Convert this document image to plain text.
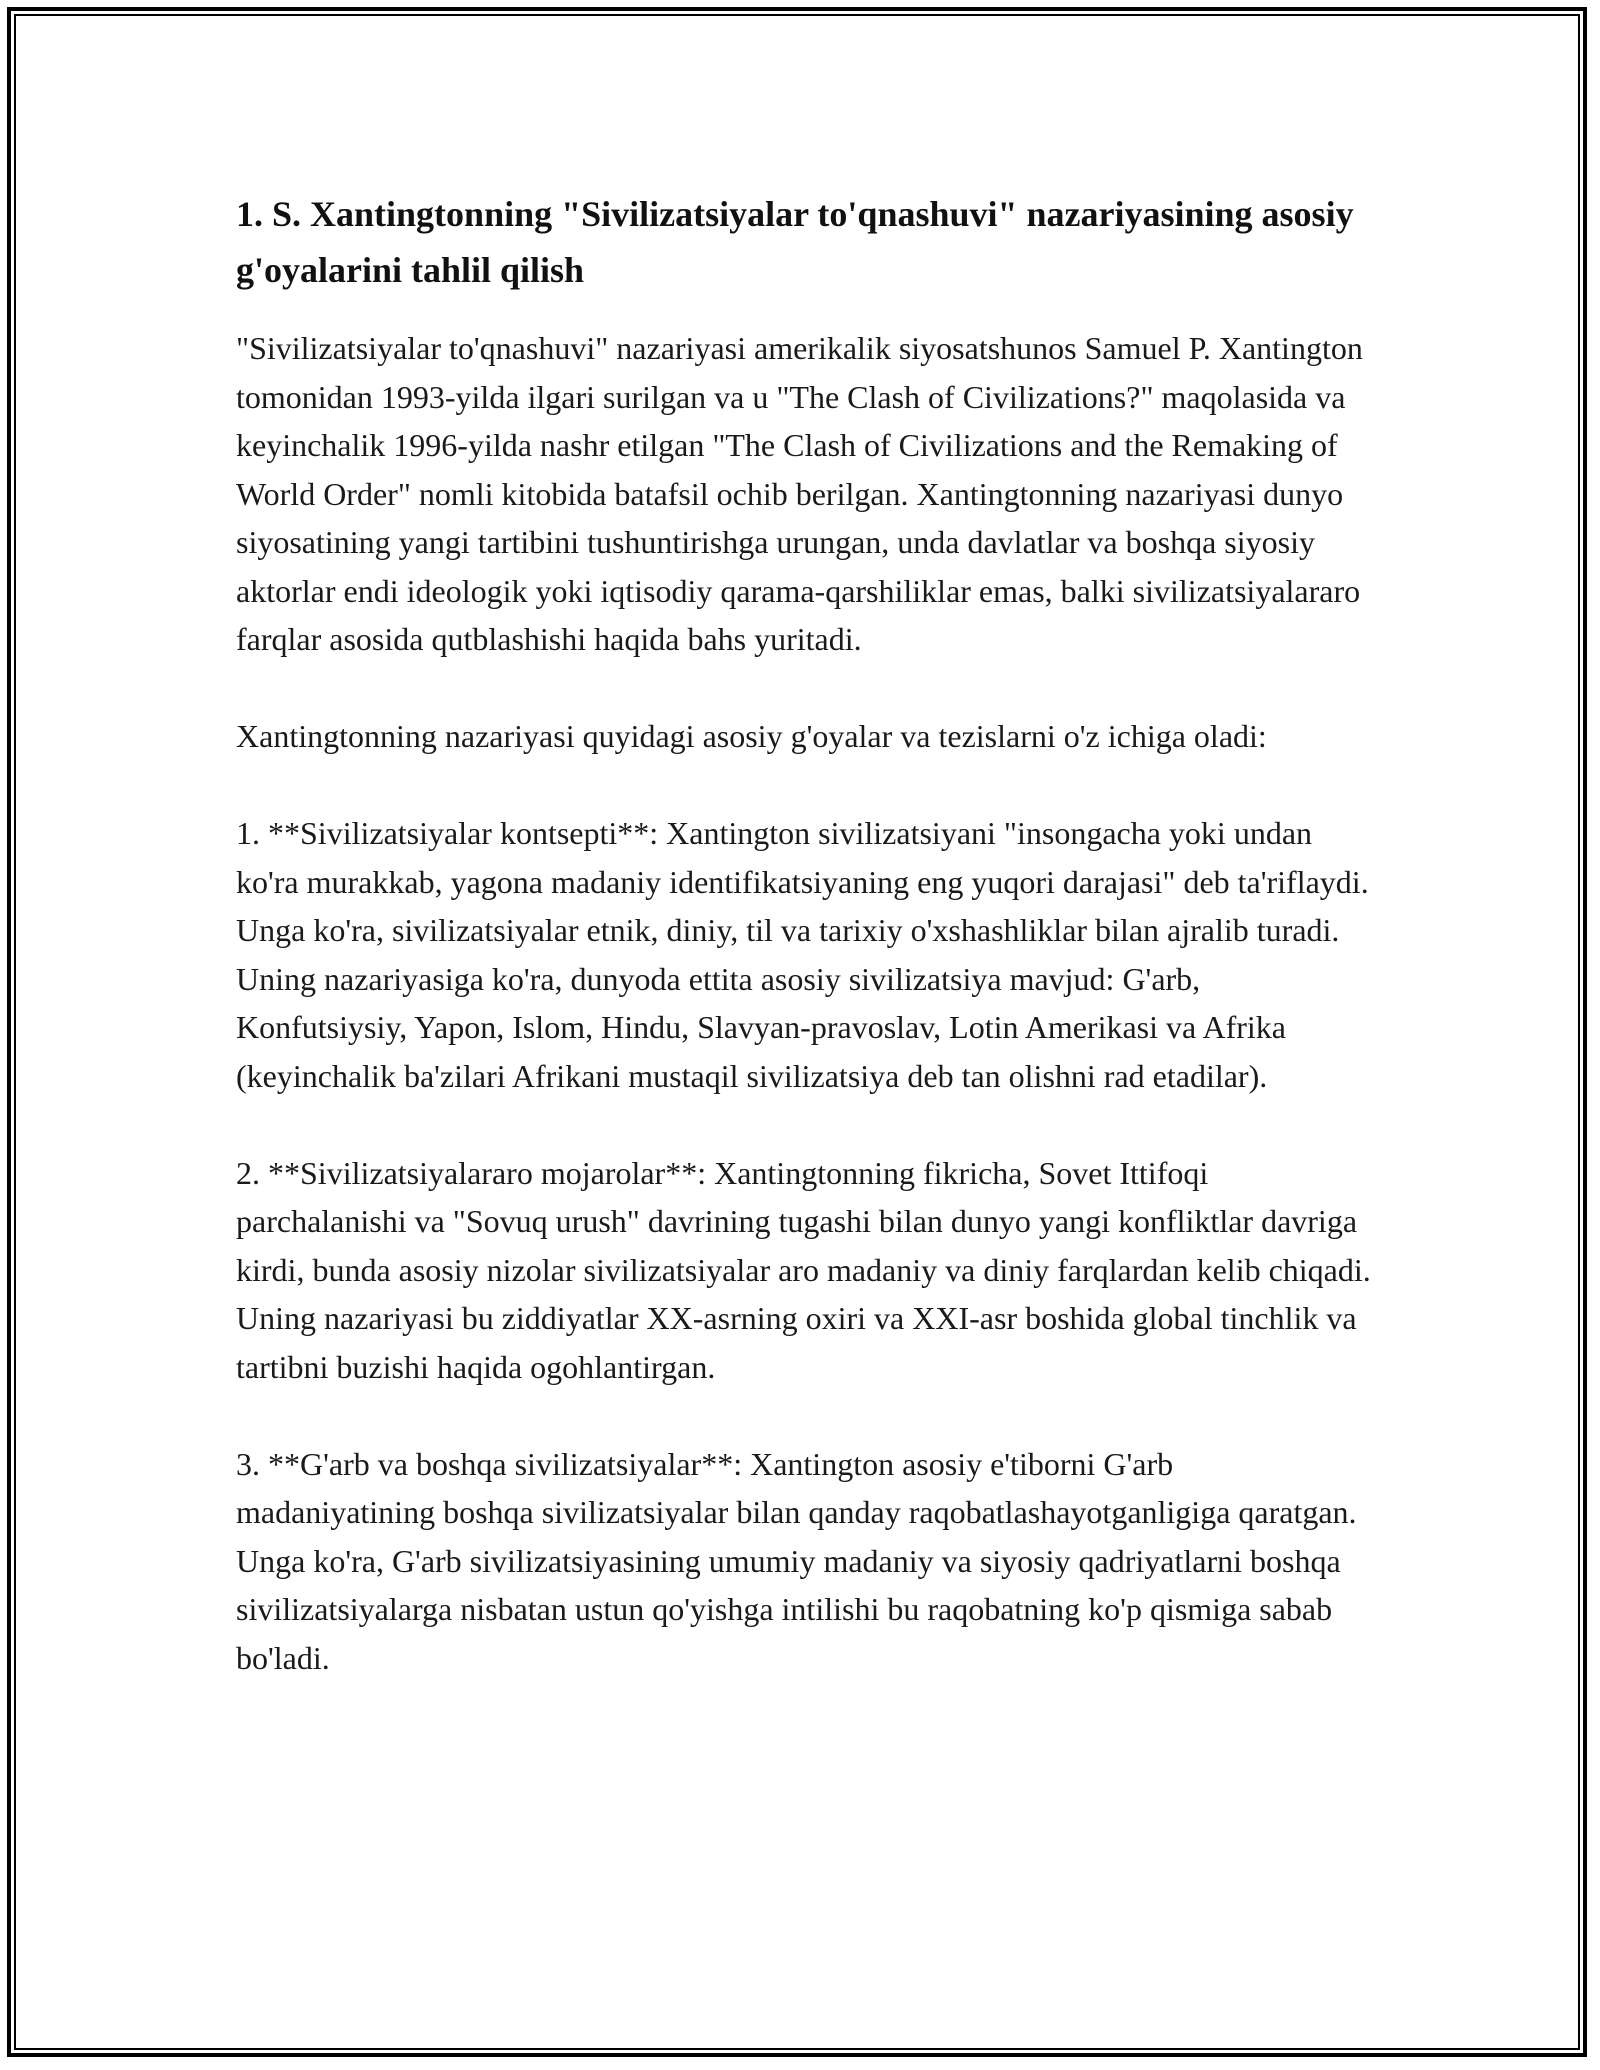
1. S. Xantingtonning "Sivilizatsiyalar to'qnashuvi" nazariyasining asosiy g'oyalarini tahlil qilish

"Sivilizatsiyalar to'qnashuvi" nazariyasi amerikalik siyosatshunos Samuel P. Xantington tomonidan 1993-yilda ilgari surilgan va u "The Clash of Civilizations?" maqolasida va keyinchalik 1996-yilda nashr etilgan "The Clash of Civilizations and the Remaking of World Order" nomli kitobida batafsil ochib berilgan. Xantingtonning nazariyasi dunyo siyosatining yangi tartibini tushuntirishga urungan, unda davlatlar va boshqa siyosiy aktorlar endi ideologik yoki iqtisodiy qarama-qarshiliklar emas, balki sivilizatsiyalararo farqlar asosida qutblashishi haqida bahs yuritadi.

Xantingtonning nazariyasi quyidagi asosiy g'oyalar va tezislarni o'z ichiga oladi:

1. **Sivilizatsiyalar kontsepti**: Xantington sivilizatsiyani "insongacha yoki undan ko'ra murakkab, yagona madaniy identifikatsiyaning eng yuqori darajasi" deb ta'riflaydi. Unga ko'ra, sivilizatsiyalar etnik, diniy, til va tarixiy o'xshashliklar bilan ajralib turadi. Uning nazariyasiga ko'ra, dunyoda ettita asosiy sivilizatsiya mavjud: G'arb, Konfutsiysiy, Yapon, Islom, Hindu, Slavyan-pravoslav, Lotin Amerikasi va Afrika (keyinchalik ba'zilari Afrikani mustaqil sivilizatsiya deb tan olishni rad etadilar).

2. **Sivilizatsiyalararo mojarolar**: Xantingtonning fikricha, Sovet Ittifoqi parchalanishi va "Sovuq urush" davrining tugashi bilan dunyo yangi konfliktlar davriga kirdi, bunda asosiy nizolar sivilizatsiyalar aro madaniy va diniy farqlardan kelib chiqadi. Uning nazariyasi bu ziddiyatlar XX-asrning oxiri va XXI-asr boshida global tinchlik va tartibni buzishi haqida ogohlantirgan.

3. **G'arb va boshqa sivilizatsiyalar**: Xantington asosiy e'tiborni G'arb madaniyatining boshqa sivilizatsiyalar bilan qanday raqobatlashayotganligiga qaratgan. Unga ko'ra, G'arb sivilizatsiyasining umumiy madaniy va siyosiy qadriyatlarni boshqa sivilizatsiyalarga nisbatan ustun qo'yishga intilishi bu raqobatning ko'p qismiga sabab bo'ladi.
